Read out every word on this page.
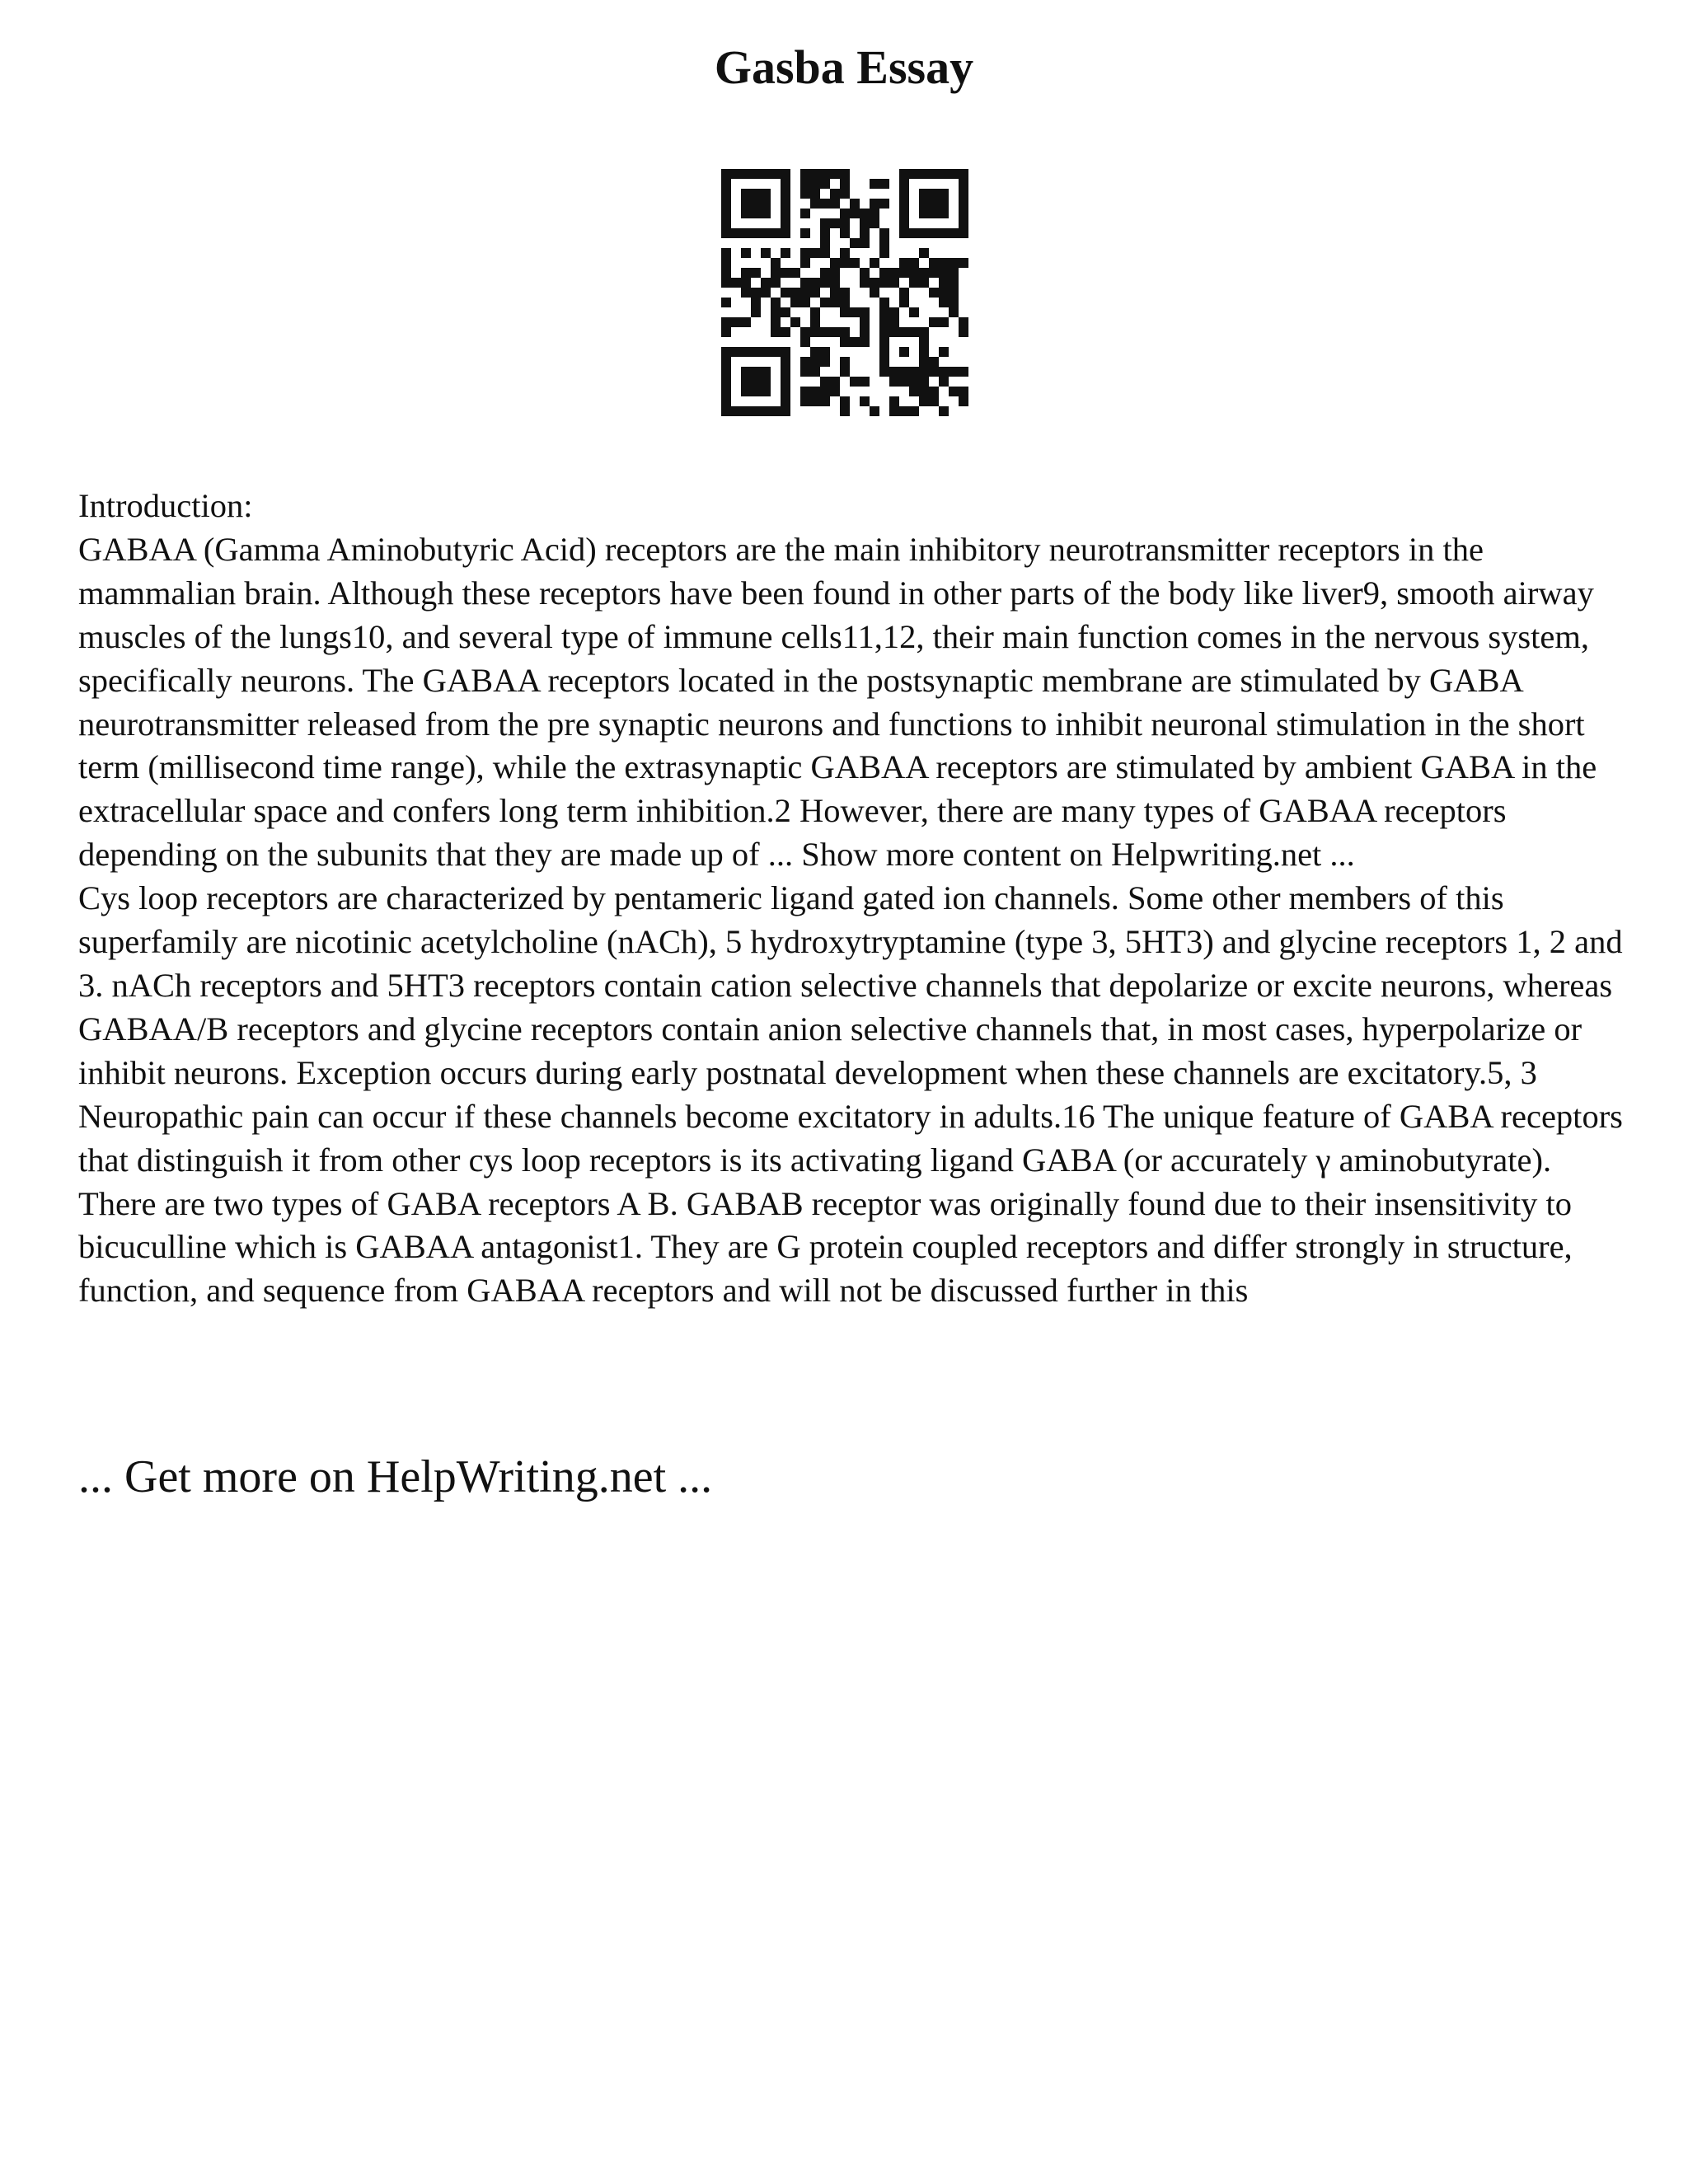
Gasba Essay

Introduction:

GABAA (Gamma Aminobutyric Acid) receptors are the main inhibitory neurotransmitter receptors in the mammalian brain. Although these receptors have been found in other parts of the body like liver9, smooth airway muscles of the lungs10, and several type of immune cells11,12, their main function comes in the nervous system, specifically neurons. The GABAA receptors located in the postsynaptic membrane are stimulated by GABA neurotransmitter released from the pre synaptic neurons and functions to inhibit neuronal stimulation in the short term (millisecond time range), while the extrasynaptic GABAA receptors are stimulated by ambient GABA in the extracellular space and confers long term inhibition.2 However, there are many types of GABAA receptors depending on the subunits that they are made up of ... Show more content on Helpwriting.net ...

Cys loop receptors are characterized by pentameric ligand gated ion channels. Some other members of this superfamily are nicotinic acetylcholine (nACh), 5 hydroxytryptamine (type 3, 5HT3) and glycine receptors 1, 2 and 3. nACh receptors and 5HT3 receptors contain cation selective channels that depolarize or excite neurons, whereas GABAA/B receptors and glycine receptors contain anion selective channels that, in most cases, hyperpolarize or inhibit neurons. Exception occurs during early postnatal development when these channels are excitatory.5, 3 Neuropathic pain can occur if these channels become excitatory in adults.16 The unique feature of GABA receptors that distinguish it from other cys loop receptors is its activating ligand GABA (or accurately γ aminobutyrate). There are two types of GABA receptors A B. GABAB receptor was originally found due to their insensitivity to bicuculline which is GABAA antagonist1. They are G protein coupled receptors and differ strongly in structure, function, and sequence from GABAA receptors and will not be discussed further in this

... Get more on HelpWriting.net ...
